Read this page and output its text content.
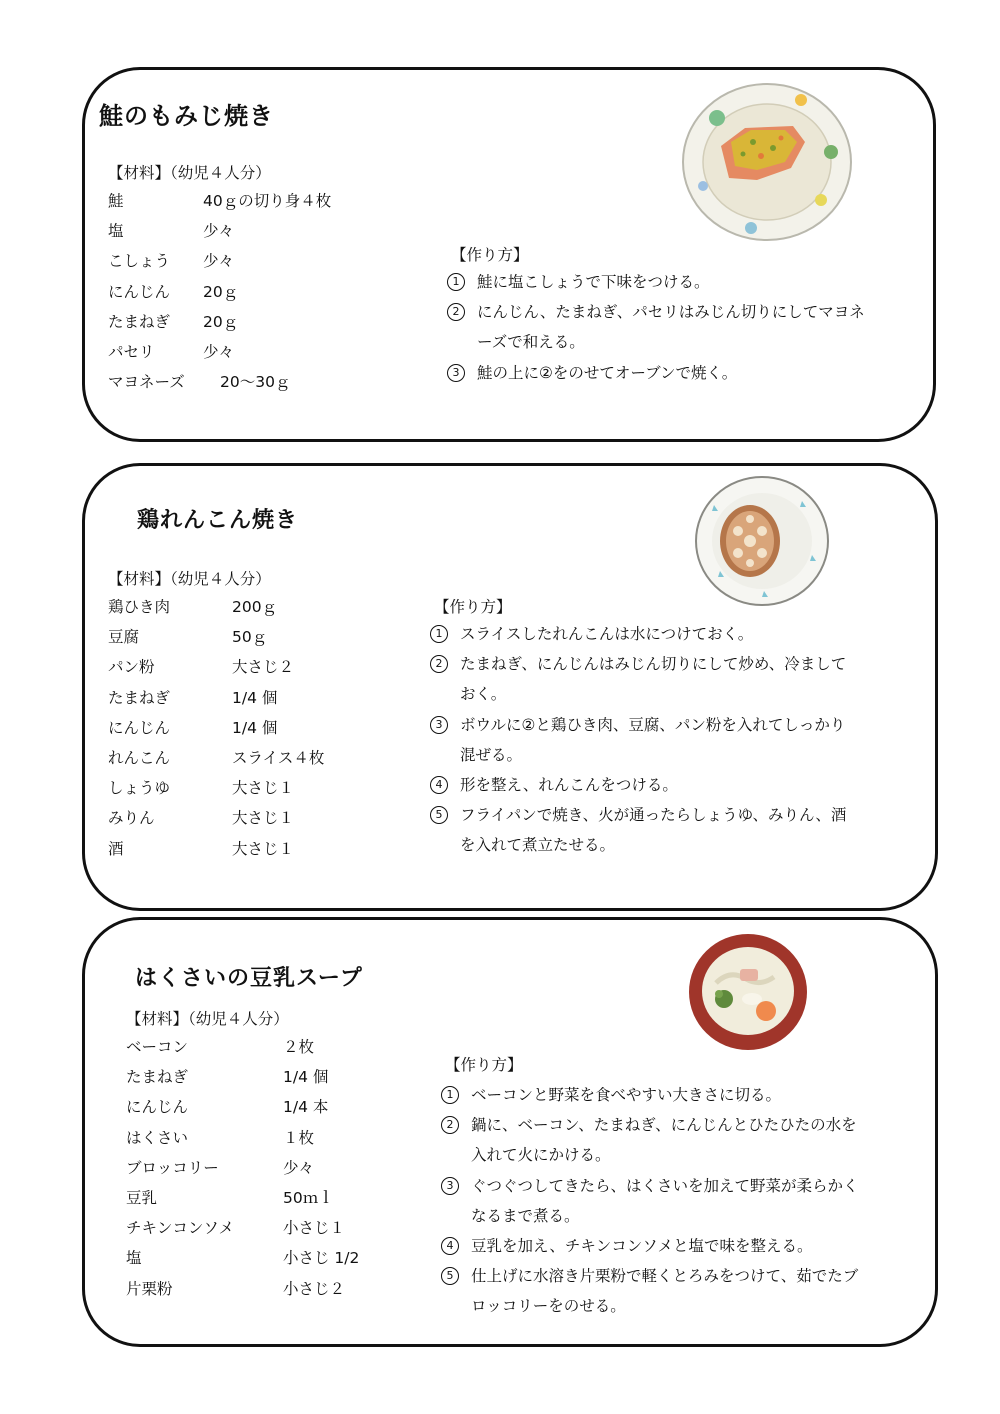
鮭のもみじ焼き
【材料】（幼児４人分）
鮭	40ｇの切り身４枚
塩	少々
こしょう 少々
にんじん 20ｇ
たまねぎ 20ｇ
パセリ	少々
マヨネーズ 20～30ｇ
【作り方】
1	鮭に塩こしょうで下味をつける。
2	にんじん、たまねぎ、パセリはみじん切りにしてマヨネーズで和える。
3	鮭の上に②をのせてオーブンで焼く。
鶏れんこん焼き
【材料】（幼児４人分）
鶏ひき肉	200ｇ
豆腐	50ｇ
パン粉	大さじ２
たまねぎ	1/4 個
にんじん	1/4 個
れんこん	スライス４枚
しょうゆ	大さじ１
みりん	大さじ１
酒	大さじ１
【作り方】
1	スライスしたれんこんは水につけておく。
2	たまねぎ、にんじんはみじん切りにして炒め、冷ましておく。
3	ボウルに②と鶏ひき肉、豆腐、パン粉を入れてしっかり混ぜる。
4	形を整え、れんこんをつける。
5	フライパンで焼き、火が通ったらしょうゆ、みりん、酒を入れて煮立たせる。
はくさいの豆乳スープ
【材料】（幼児４人分）
ベーコン	２枚
たまねぎ	1/4 個
にんじん	1/4 本
はくさい	１枚
ブロッコリー	少々
豆乳	50ｍｌ
チキンコンソメ	小さじ１
塩	小さじ 1/2
片栗粉	小さじ２
【作り方】
1	ベーコンと野菜を食べやすい大きさに切る。
2	鍋に、ベーコン、たまねぎ、にんじんとひたひたの水を入れて火にかける。
3	ぐつぐつしてきたら、はくさいを加えて野菜が柔らかくなるまで煮る。
4	豆乳を加え、チキンコンソメと塩で味を整える。
5	仕上げに水溶き片栗粉で軽くとろみをつけて、茹でたブロッコリーをのせる。
